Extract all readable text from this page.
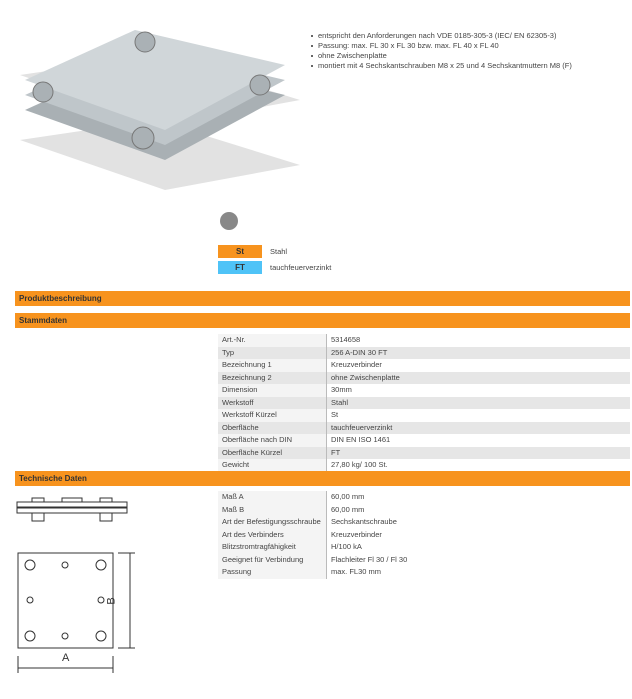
entspricht den Anforderungen nach VDE 0185-305-3 (IEC/ EN 62305-3)
Passung: max. FL 30 x FL 30 bzw. max. FL 40 x FL 40
ohne Zwischenplatte
montiert mit 4 Sechskantschrauben M8 x 25 und 4 Sechskantmuttern M8 (F)
St	Stahl
FT	tauchfeuerverzinkt
Produktbeschreibung
Stammdaten
Art.-Nr.	5314658
Typ	256 A-DIN 30 FT
Bezeichnung 1	Kreuzverbinder
Bezeichnung 2	ohne Zwischenplatte
Dimension	30mm
Werkstoff	Stahl
Werkstoff Kürzel	St
Oberfläche	tauchfeuerverzinkt
Oberfläche nach DIN	DIN EN ISO 1461
Oberfläche Kürzel	FT
Gewicht	27,80 kg/ 100 St.
Technische Daten
Maß A	60,00 mm
Maß B	60,00 mm
Art der Befestigungsschraube	Sechskantschraube
Art des Verbinders	Kreuzverbinder
Blitzstromtragfähigkeit	H/100 kA
Geeignet für Verbindung	Flachleiter Fl 30 / Fl 30
Passung	max. FL30 mm
A
B
